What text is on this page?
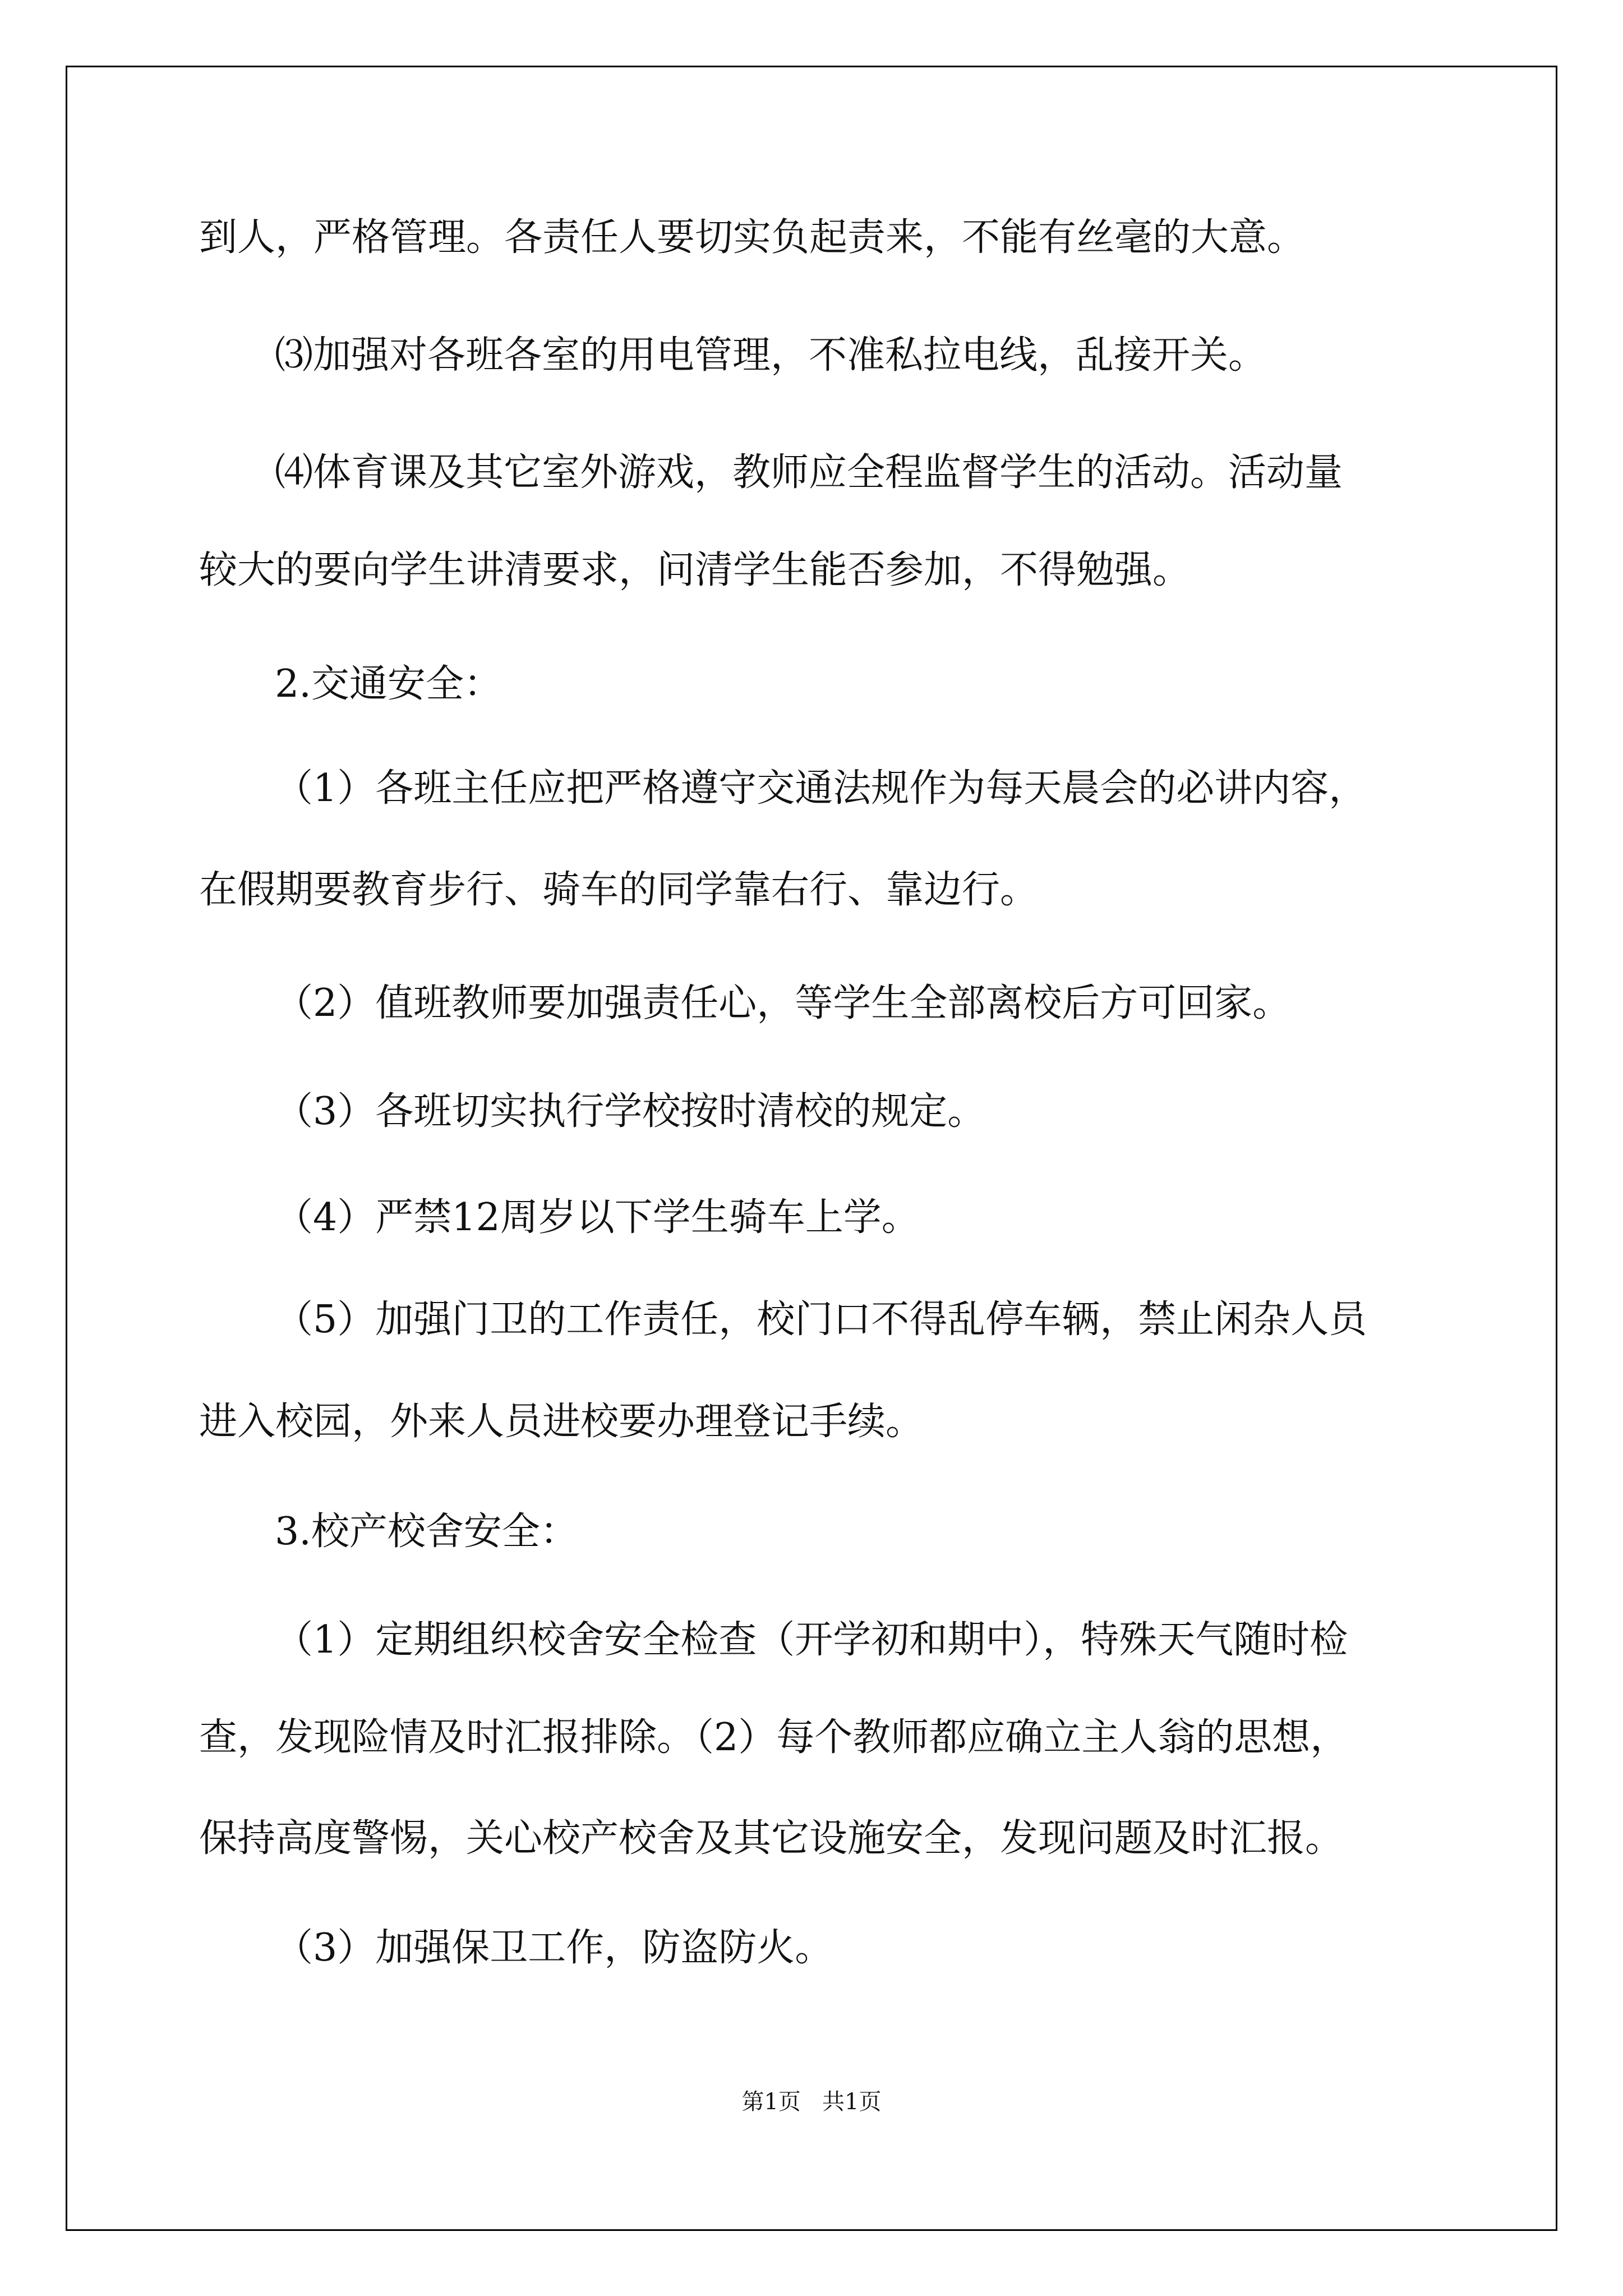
到人，严格管理。各责任人要切实负起责来，不能有丝毫的大意。

⑶加强对各班各室的用电管理，不准私拉电线，乱接开关。

⑷体育课及其它室外游戏，教师应全程监督学生的活动。活动量

较大的要向学生讲清要求，问清学生能否参加，不得勉强。

2.交通安全：

（1）各班主任应把严格遵守交通法规作为每天晨会的必讲内容，

在假期要教育步行、骑车的同学靠右行、靠边行。

（2）值班教师要加强责任心，等学生全部离校后方可回家。

（3）各班切实执行学校按时清校的规定。

（4）严禁12周岁以下学生骑车上学。

（5）加强门卫的工作责任，校门口不得乱停车辆，禁止闲杂人员

进入校园，外来人员进校要办理登记手续。

3.校产校舍安全：

（1）定期组织校舍安全检查（开学初和期中），特殊天气随时检

查，发现险情及时汇报排除。（2）每个教师都应确立主人翁的思想，

保持高度警惕，关心校产校舍及其它设施安全，发现问题及时汇报。

（3）加强保卫工作，防盗防火。

第1页   共1页
